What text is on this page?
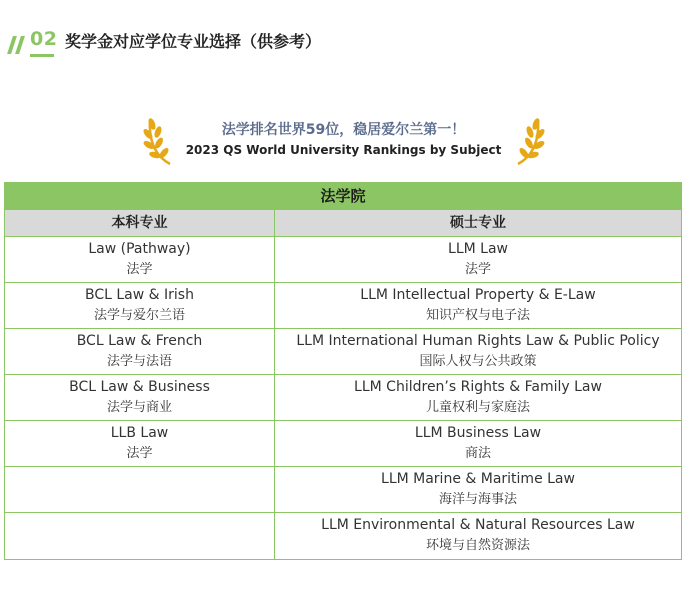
02 奖学金对应学位专业选择（供参考）
法学排名世界59位，稳居爱尔兰第一！
2023 QS World University Rankings by Subject
法学院
本科专业	硕士专业
Law (Pathway)
法学
LLM Law
法学
BCL Law & Irish
法学与爱尔兰语
LLM Intellectual Property & E-Law
知识产权与电子法
BCL Law & French
法学与法语
LLM International Human Rights Law & Public Policy
国际人权与公共政策
BCL Law & Business
法学与商业
LLM Children’s Rights & Family Law
儿童权利与家庭法
LLB Law
法学
LLM Business Law
商法
LLM Marine & Maritime Law
海洋与海事法
LLM Environmental & Natural Resources Law
环境与自然资源法
